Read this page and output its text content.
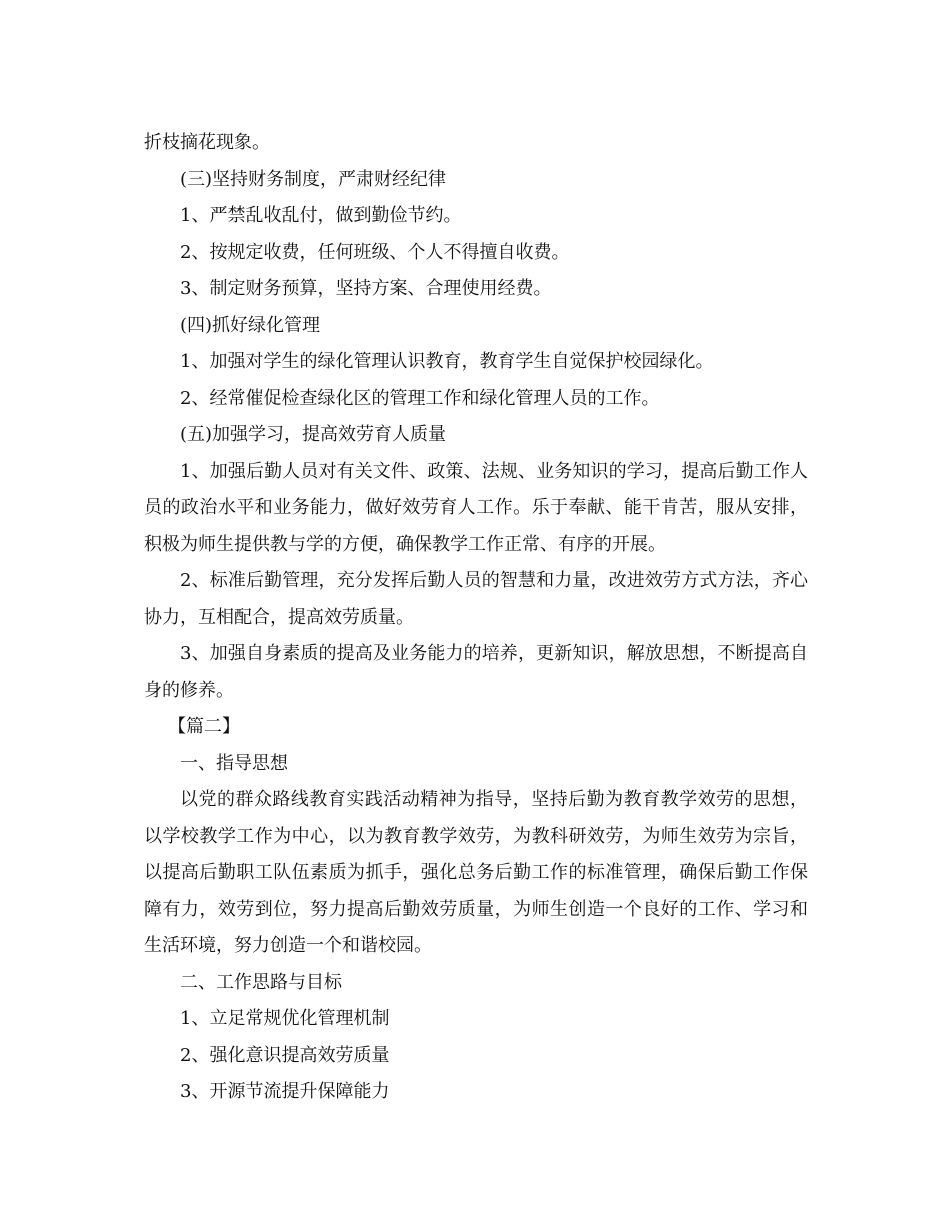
折枝摘花现象。

(三)坚持财务制度，严肃财经纪律

1、严禁乱收乱付，做到勤俭节约。

2、按规定收费，任何班级、个人不得擅自收费。

3、制定财务预算，坚持方案、合理使用经费。

(四)抓好绿化管理

1、加强对学生的绿化管理认识教育，教育学生自觉保护校园绿化。

2、经常催促检查绿化区的管理工作和绿化管理人员的工作。

(五)加强学习，提高效劳育人质量

1、加强后勤人员对有关文件、政策、法规、业务知识的学习，提高后勤工作人员的政治水平和业务能力，做好效劳育人工作。乐于奉献、能干肯苦，服从安排，积极为师生提供教与学的方便，确保教学工作正常、有序的开展。

2、标准后勤管理，充分发挥后勤人员的智慧和力量，改进效劳方式方法，齐心协力，互相配合，提高效劳质量。

3、加强自身素质的提高及业务能力的培养，更新知识，解放思想，不断提高自身的修养。

【篇二】

一、指导思想

以党的群众路线教育实践活动精神为指导，坚持后勤为教育教学效劳的思想，以学校教学工作为中心，以为教育教学效劳，为教科研效劳，为师生效劳为宗旨，以提高后勤职工队伍素质为抓手，强化总务后勤工作的标准管理，确保后勤工作保障有力，效劳到位，努力提高后勤效劳质量，为师生创造一个良好的工作、学习和生活环境，努力创造一个和谐校园。

二、工作思路与目标

1、立足常规优化管理机制

2、强化意识提高效劳质量

3、开源节流提升保障能力
